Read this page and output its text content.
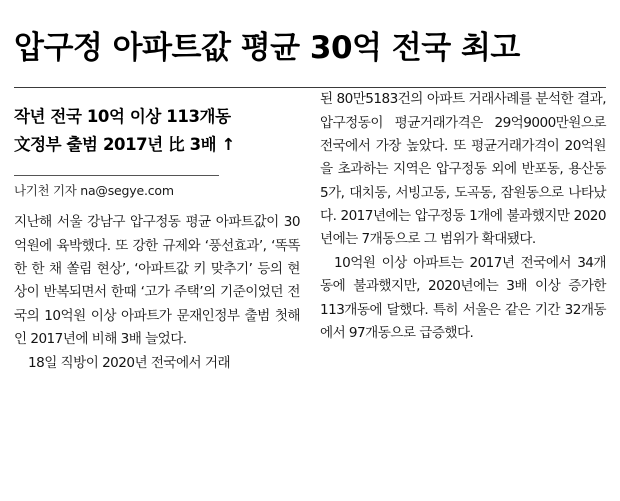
압구정 아파트값 평균 30억 전국 최고
작년 전국 10억 이상 113개동
文정부 출범 2017년 比 3배 ↑
나기천 기자 na@segye.com

지난해 서울 강남구 압구정동 평균 아파트값이 30억원에 육박했다. 또 강한 규제와 ‘풍선효과’, ‘똑똑한 한 채 쏠림 현상’, ‘아파트값 키 맞추기’ 등의 현상이 반복되면서 한때 ‘고가 주택’의 기준이었던 전국의 10억원 이상 아파트가 문재인정부 출범 첫해인 2017년에 비해 3배 늘었다.

18일 직방이 2020년 전국에서 거래

된 80만5183건의 아파트 거래사례를 분석한 결과, 압구정동이 평균거래가격은 29억9000만원으로 전국에서 가장 높았다. 또 평균거래가격이 20억원을 초과하는 지역은 압구정동 외에 반포동, 용산동5가, 대치동, 서빙고동, 도곡동, 잠원동으로 나타났다. 2017년에는 압구정동 1개에 불과했지만 2020년에는 7개동으로 그 범위가 확대됐다.

10억원 이상 아파트는 2017년 전국에서 34개동에 불과했지만, 2020년에는 3배 이상 증가한 113개동에 달했다. 특히 서울은 같은 기간 32개동에서 97개동으로 급증했다.
